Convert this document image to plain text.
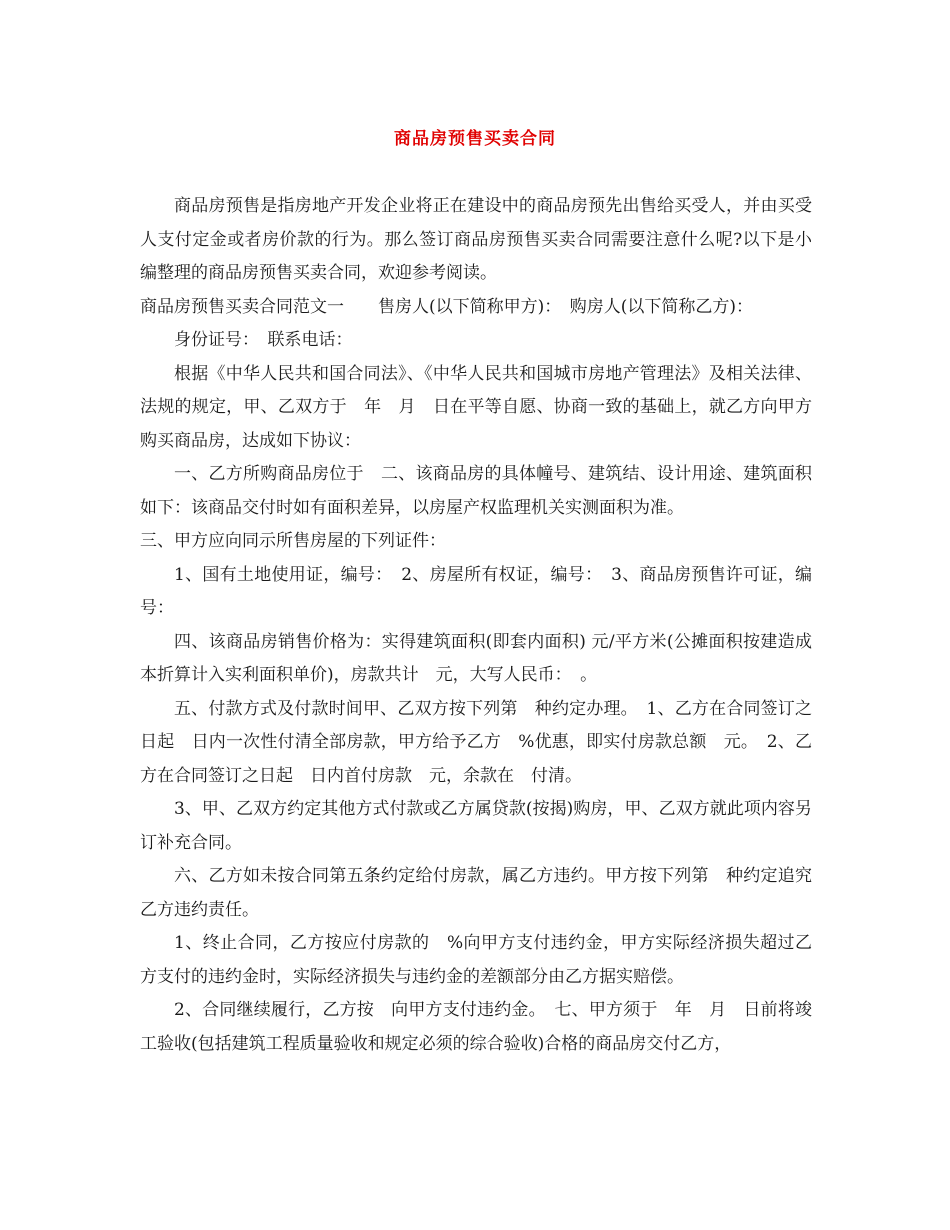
商品房预售买卖合同

商品房预售是指房地产开发企业将正在建设中的商品房预先出售给买受人，并由买受人支付定金或者房价款的行为。那么签订商品房预售买卖合同需要注意什么呢?以下是小编整理的商品房预售买卖合同，欢迎参考阅读。

商品房预售买卖合同范文一　　售房人(以下简称甲方)：　购房人(以下简称乙方)：

身份证号：　联系电话：

根据《中华人民共和国合同法》、《中华人民共和国城市房地产管理法》及相关法律、法规的规定，甲、乙双方于　年　月　日在平等自愿、协商一致的基础上，就乙方向甲方购买商品房，达成如下协议：

一、乙方所购商品房位于　二、该商品房的具体幢号、建筑结、设计用途、建筑面积如下：该商品交付时如有面积差异，以房屋产权监理机关实测面积为准。

三、甲方应向同示所售房屋的下列证件：

1、国有土地使用证，编号：　2、房屋所有权证，编号：　3、商品房预售许可证，编号：

四、该商品房销售价格为：实得建筑面积(即套内面积) 元/平方米(公摊面积按建造成本折算计入实利面积单价)，房款共计　元，大写人民币：　。

五、付款方式及付款时间甲、乙双方按下列第　种约定办理。　1、乙方在合同签订之日起　日内一次性付清全部房款，甲方给予乙方　%优惠，即实付房款总额　元。　2、乙方在合同签订之日起　日内首付房款　元，余款在　付清。

3、甲、乙双方约定其他方式付款或乙方属贷款(按揭)购房，甲、乙双方就此项内容另订补充合同。

六、乙方如未按合同第五条约定给付房款，属乙方违约。甲方按下列第　种约定追究乙方违约责任。

1、终止合同，乙方按应付房款的　%向甲方支付违约金，甲方实际经济损失超过乙方支付的违约金时，实际经济损失与违约金的差额部分由乙方据实赔偿。

2、合同继续履行，乙方按　向甲方支付违约金。　七、甲方须于　年　月　日前将竣工验收(包括建筑工程质量验收和规定必须的综合验收)合格的商品房交付乙方，
